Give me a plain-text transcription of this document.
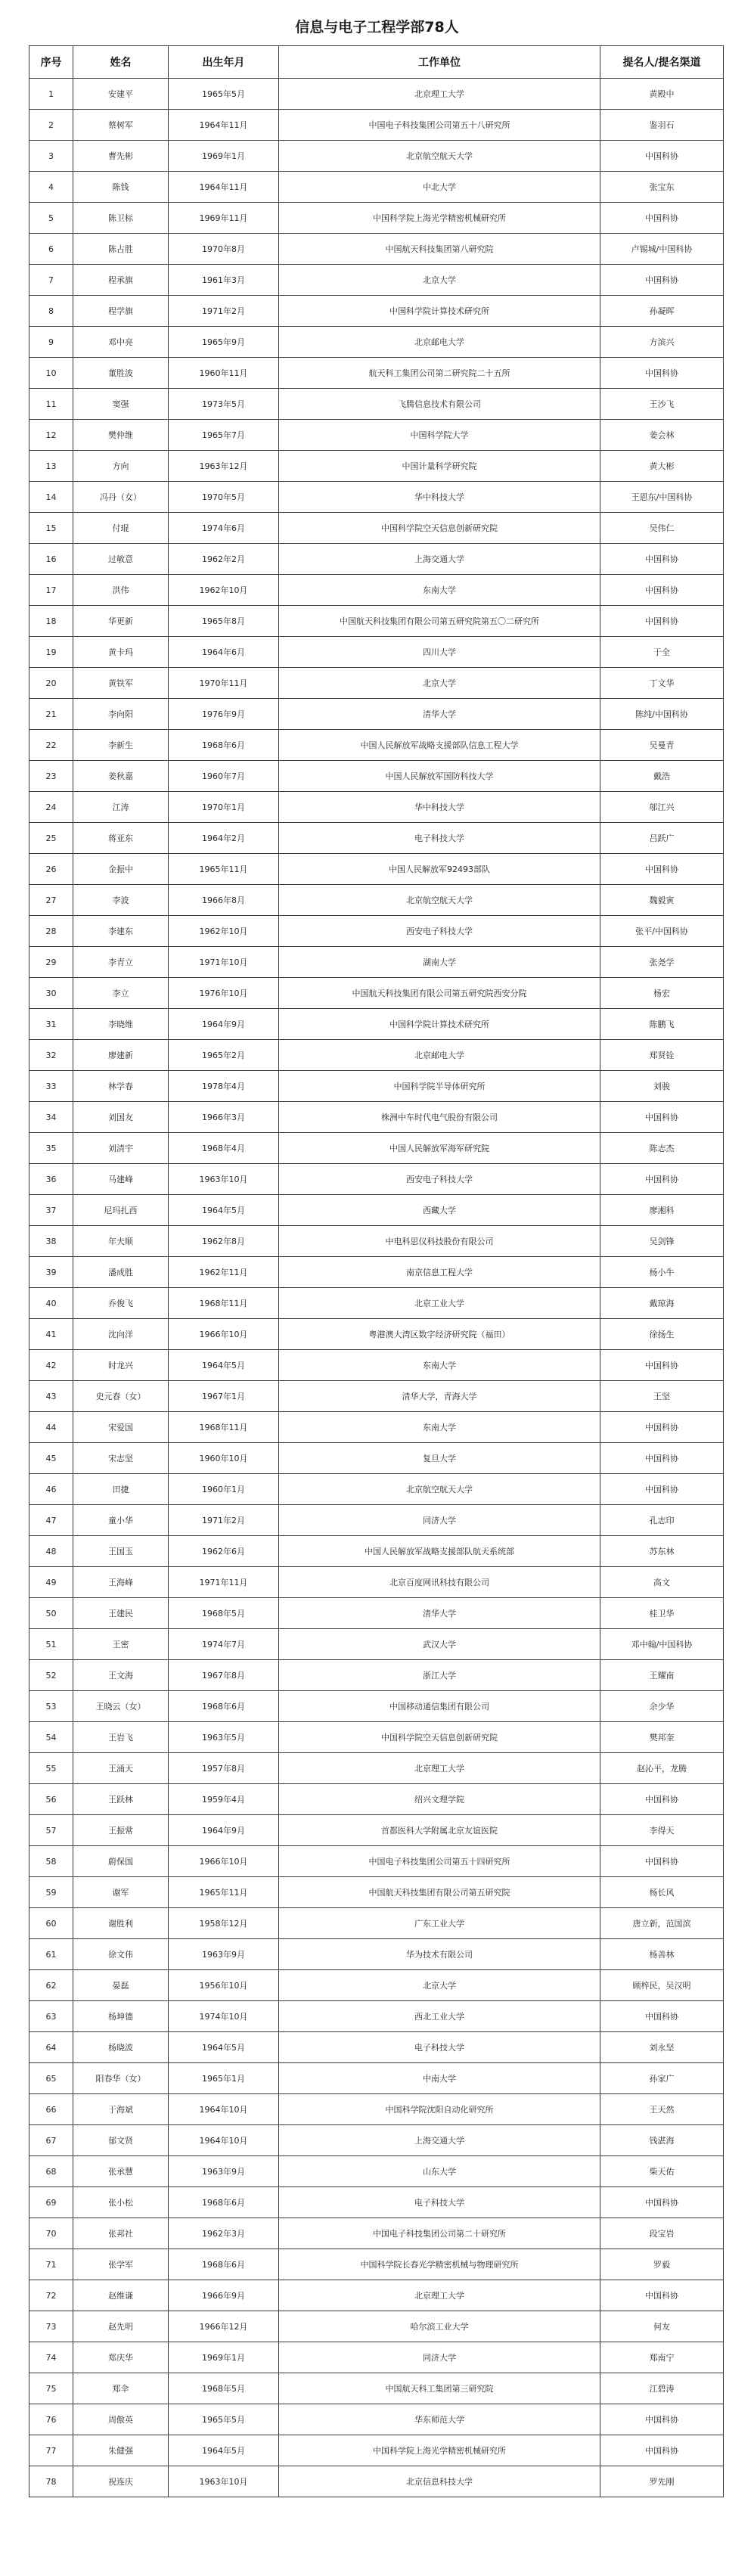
信息与电子工程学部78人
序号	姓名	出生年月	工作单位	提名人/提名渠道
1	安建平	1965年5月	北京理工大学	黄殿中
2	蔡树军	1964年11月	中国电子科技集团公司第五十八研究所	鉴羽石
3	曹先彬	1969年1月	北京航空航天大学	中国科协
4	陈钱	1964年11月	中北大学	张宝东
5	陈卫标	1969年11月	中国科学院上海光学精密机械研究所	中国科协
6	陈占胜	1970年8月	中国航天科技集团第八研究院	卢锡城/中国科协
7	程承旗	1961年3月	北京大学	中国科协
8	程学旗	1971年2月	中国科学院计算技术研究所	孙凝晖
9	邓中亮	1965年9月	北京邮电大学	方滨兴
10	董胜波	1960年11月	航天科工集团公司第二研究院二十五所	中国科协
11	窦强	1973年5月	飞腾信息技术有限公司	王沙飞
12	樊仲维	1965年7月	中国科学院大学	姜会林
13	方向	1963年12月	中国计量科学研究院	黄大彬
14	冯丹（女）	1970年5月	华中科技大学	王恩东/中国科协
15	付琨	1974年6月	中国科学院空天信息创新研究院	吴伟仁
16	过敏意	1962年2月	上海交通大学	中国科协
17	洪伟	1962年10月	东南大学	中国科协
18	华更新	1965年8月	中国航天科技集团有限公司第五研究院第五〇二研究所	中国科协
19	黄卡玛	1964年6月	四川大学	于全
20	黄铁军	1970年11月	北京大学	丁文华
21	李向阳	1976年9月	清华大学	陈纯/中国科协
22	李新生	1968年6月	中国人民解放军战略支援部队信息工程大学	吴曼青
23	姜秋嘉	1960年7月	中国人民解放军国防科技大学	戴浩
24	江涛	1970年1月	华中科技大学	邬江兴
25	蒋亚东	1964年2月	电子科技大学	吕跃广
26	金振中	1965年11月	中国人民解放军92493部队	中国科协
27	李波	1966年8月	北京航空航天大学	魏毅寅
28	李建东	1962年10月	西安电子科技大学	张平/中国科协
29	李青立	1971年10月	湖南大学	张尧学
30	李立	1976年10月	中国航天科技集团有限公司第五研究院西安分院	杨宏
31	李晓维	1964年9月	中国科学院计算技术研究所	陈鹏飞
32	廖建新	1965年2月	北京邮电大学	郑贤铨
33	林学春	1978年4月	中国科学院半导体研究所	刘骏
34	刘国友	1966年3月	株洲中车时代电气股份有限公司	中国科协
35	刘清宇	1968年4月	中国人民解放军海军研究院	陈志杰
36	马建峰	1963年10月	西安电子科技大学	中国科协
37	尼玛扎西	1964年5月	西藏大学	廖湘科
38	年夫顺	1962年8月	中电科思仪科技股份有限公司	吴剑锋
39	潘成胜	1962年11月	南京信息工程大学	杨小牛
40	乔俊飞	1968年11月	北京工业大学	戴琼海
41	沈向洋	1966年10月	粤港澳大湾区数字经济研究院（福田）	徐扬生
42	时龙兴	1964年5月	东南大学	中国科协
43	史元春（女）	1967年1月	清华大学，青海大学	王坚
44	宋爱国	1968年11月	东南大学	中国科协
45	宋志坚	1960年10月	复旦大学	中国科协
46	田捷	1960年1月	北京航空航天大学	中国科协
47	童小华	1971年2月	同济大学	孔志印
48	王国玉	1962年6月	中国人民解放军战略支援部队航天系统部	苏东林
49	王海峰	1971年11月	北京百度网讯科技有限公司	高文
50	王建民	1968年5月	清华大学	桂卫华
51	王密	1974年7月	武汉大学	邓中翰/中国科协
52	王文海	1967年8月	浙江大学	王耀南
53	王晓云（女）	1968年6月	中国移动通信集团有限公司	余少华
54	王岩飞	1963年5月	中国科学院空天信息创新研究院	樊邦奎
55	王涌天	1957年8月	北京理工大学	赵沁平，龙腾
56	王跃林	1959年4月	绍兴文理学院	中国科协
57	王振常	1964年9月	首都医科大学附属北京友谊医院	李得天
58	蔚保国	1966年10月	中国电子科技集团公司第五十四研究所	中国科协
59	谢军	1965年11月	中国航天科技集团有限公司第五研究院	杨长风
60	谢胜利	1958年12月	广东工业大学	唐立新，范国滨
61	徐文伟	1963年9月	华为技术有限公司	杨善林
62	晏磊	1956年10月	北京大学	顾梓民，吴汉明
63	杨坤德	1974年10月	西北工业大学	中国科协
64	杨晓波	1964年5月	电子科技大学	刘永坚
65	阳春华（女）	1965年1月	中南大学	孙家广
66	于海斌	1964年10月	中国科学院沈阳自动化研究所	王天然
67	郁文贤	1964年10月	上海交通大学	钱湛海
68	张承慧	1963年9月	山东大学	柴天佑
69	张小松	1968年6月	电子科技大学	中国科协
70	张邦社	1962年3月	中国电子科技集团公司第二十研究所	段宝岩
71	张学军	1968年6月	中国科学院长春光学精密机械与物理研究所	罗毅
72	赵维谦	1966年9月	北京理工大学	中国科协
73	赵先明	1966年12月	哈尔滨工业大学	何友
74	郑庆华	1969年1月	同济大学	郑南宁
75	郑伞	1968年5月	中国航天科工集团第三研究院	江碧涛
76	周傲英	1965年5月	华东师范大学	中国科协
77	朱健强	1964年5月	中国科学院上海光学精密机械研究所	中国科协
78	祝连庆	1963年10月	北京信息科技大学	罗先刚
